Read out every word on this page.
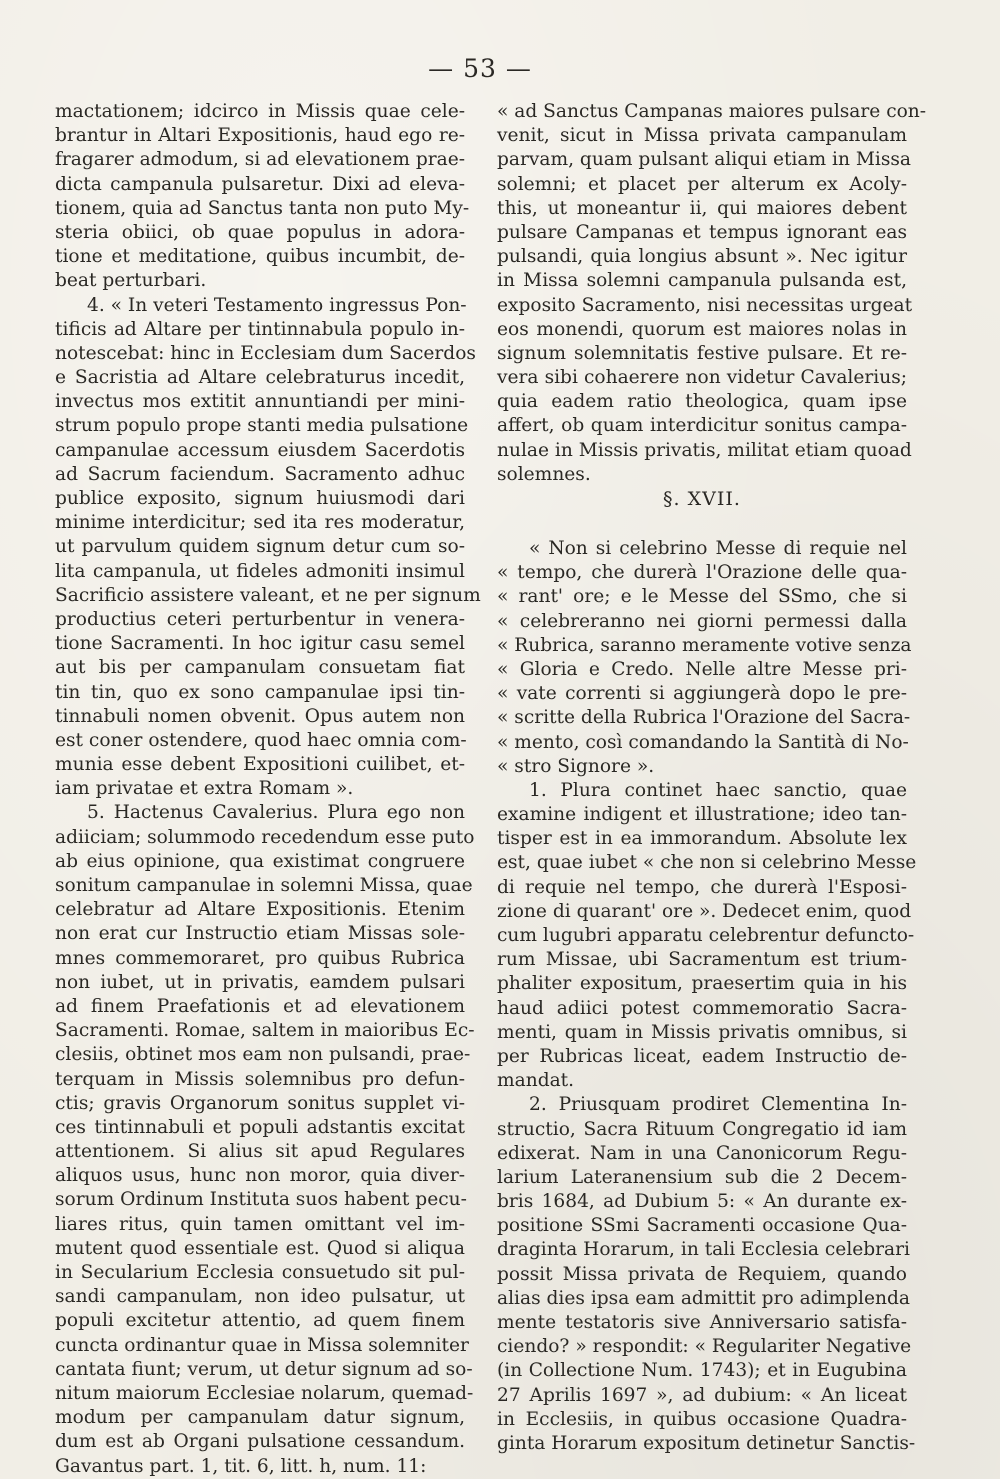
— 53 —
mactationem; idcirco in Missis quae cele-
brantur in Altari Expositionis, haud ego re-
fragarer admodum, si ad elevationem prae-
dicta campanula pulsaretur. Dixi ad eleva-
tionem, quia ad Sanctus tanta non puto My-
steria obiici, ob quae populus in adora-
tione et meditatione, quibus incumbit, de-
beat perturbari.
4. « In veteri Testamento ingressus Pon-
tificis ad Altare per tintinnabula populo in-
notescebat: hinc in Ecclesiam dum Sacerdos
e Sacristia ad Altare celebraturus incedit,
invectus mos extitit annuntiandi per mini-
strum populo prope stanti media pulsatione
campanulae accessum eiusdem Sacerdotis
ad Sacrum faciendum. Sacramento adhuc
publice exposito, signum huiusmodi dari
minime interdicitur; sed ita res moderatur,
ut parvulum quidem signum detur cum so-
lita campanula, ut fideles admoniti insimul
Sacrificio assistere valeant, et ne per signum
productius ceteri perturbentur in venera-
tione Sacramenti. In hoc igitur casu semel
aut bis per campanulam consuetam fiat
tin tin, quo ex sono campanulae ipsi tin-
tinnabuli nomen obvenit. Opus autem non
est coner ostendere, quod haec omnia com-
munia esse debent Expositioni cuilibet, et-
iam privatae et extra Romam ».
5. Hactenus Cavalerius. Plura ego non
adiiciam; solummodo recedendum esse puto
ab eius opinione, qua existimat congruere
sonitum campanulae in solemni Missa, quae
celebratur ad Altare Expositionis. Etenim
non erat cur Instructio etiam Missas sole-
mnes commemoraret, pro quibus Rubrica
non iubet, ut in privatis, eamdem pulsari
ad finem Praefationis et ad elevationem
Sacramenti. Romae, saltem in maioribus Ec-
clesiis, obtinet mos eam non pulsandi, prae-
terquam in Missis solemnibus pro defun-
ctis; gravis Organorum sonitus supplet vi-
ces tintinnabuli et populi adstantis excitat
attentionem. Si alius sit apud Regulares
aliquos usus, hunc non moror, quia diver-
sorum Ordinum Instituta suos habent pecu-
liares ritus, quin tamen omittant vel im-
mutent quod essentiale est. Quod si aliqua
in Secularium Ecclesia consuetudo sit pul-
sandi campanulam, non ideo pulsatur, ut
populi excitetur attentio, ad quem finem
cuncta ordinantur quae in Missa solemniter
cantata fiunt; verum, ut detur signum ad so-
nitum maiorum Ecclesiae nolarum, quemad-
modum per campanulam datur signum,
dum est ab Organi pulsatione cessandum.
Gavantus part. 1, tit. 6, litt. h, num. 11:
« ad Sanctus Campanas maiores pulsare con-
venit, sicut in Missa privata campanulam
parvam, quam pulsant aliqui etiam in Missa
solemni; et placet per alterum ex Acoly-
this, ut moneantur ii, qui maiores debent
pulsare Campanas et tempus ignorant eas
pulsandi, quia longius absunt ». Nec igitur
in Missa solemni campanula pulsanda est,
exposito Sacramento, nisi necessitas urgeat
eos monendi, quorum est maiores nolas in
signum solemnitatis festive pulsare. Et re-
vera sibi cohaerere non videtur Cavalerius;
quia eadem ratio theologica, quam ipse
affert, ob quam interdicitur sonitus campa-
nulae in Missis privatis, militat etiam quoad
solemnes.
§. XVII.
« Non si celebrino Messe di requie nel
« tempo, che durerà l'Orazione delle qua-
« rant' ore; e le Messe del SSmo, che si
« celebreranno nei giorni permessi dalla
« Rubrica, saranno meramente votive senza
« Gloria e Credo. Nelle altre Messe pri-
« vate correnti si aggiungerà dopo le pre-
« scritte della Rubrica l'Orazione del Sacra-
« mento, così comandando la Santità di No-
« stro Signore ».
1. Plura continet haec sanctio, quae
examine indigent et illustratione; ideo tan-
tisper est in ea immorandum. Absolute lex
est, quae iubet « che non si celebrino Messe
di requie nel tempo, che durerà l'Esposi-
zione di quarant' ore ». Dedecet enim, quod
cum lugubri apparatu celebrentur defuncto-
rum Missae, ubi Sacramentum est trium-
phaliter expositum, praesertim quia in his
haud adiici potest commemoratio Sacra-
menti, quam in Missis privatis omnibus, si
per Rubricas liceat, eadem Instructio de-
mandat.
2. Priusquam prodiret Clementina In-
structio, Sacra Rituum Congregatio id iam
edixerat. Nam in una Canonicorum Regu-
larium Lateranensium sub die 2 Decem-
bris 1684, ad Dubium 5: « An durante ex-
positione SSmi Sacramenti occasione Qua-
draginta Horarum, in tali Ecclesia celebrari
possit Missa privata de Requiem, quando
alias dies ipsa eam admittit pro adimplenda
mente testatoris sive Anniversario satisfa-
ciendo? » respondit: « Regulariter Negative
(in Collectione Num. 1743); et in Eugubina
27 Aprilis 1697 », ad dubium: « An liceat
in Ecclesiis, in quibus occasione Quadra-
ginta Horarum expositum detinetur Sanctis-
